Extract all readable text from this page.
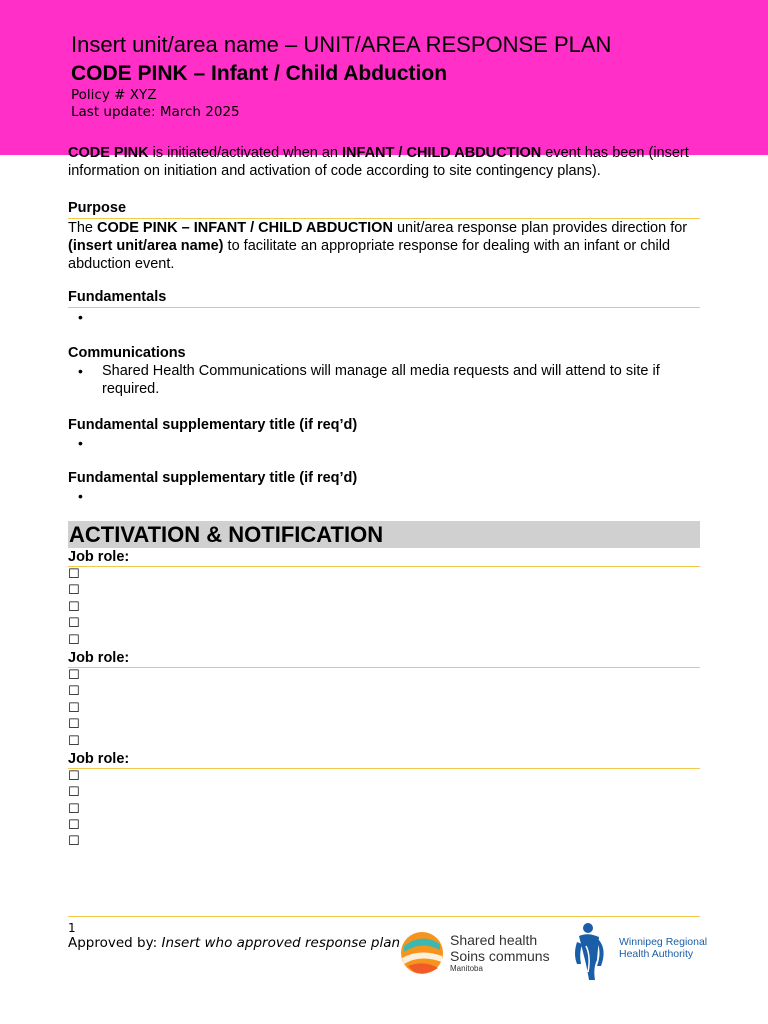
Insert unit/area name – UNIT/AREA RESPONSE PLAN
CODE PINK – Infant / Child Abduction
Policy # XYZ
Last update: March 2025

CODE PINK is initiated/activated when an INFANT / CHILD ABDUCTION event has been (insert information on initiation and activation of code according to site contingency plans).

Purpose

The CODE PINK – INFANT / CHILD ABDUCTION unit/area response plan provides direction for (insert unit/area name) to facilitate an appropriate response for dealing with an infant or child abduction event.

Fundamentals
•
Communications
• Shared Health Communications will manage all media requests and will attend to site if required.
Fundamental supplementary title (if req’d)
•
Fundamental supplementary title (if req’d)
•
ACTIVATION & NOTIFICATION
Job role:
☐
☐
☐
☐
☐
Job role:
☐
☐
☐
☐
☐
Job role:
☐
☐
☐
☐
☐
1
Approved by: Insert who approved response plan	Shared health
Soins communs
Manitoba
Winnipeg Regional
Health Authority
